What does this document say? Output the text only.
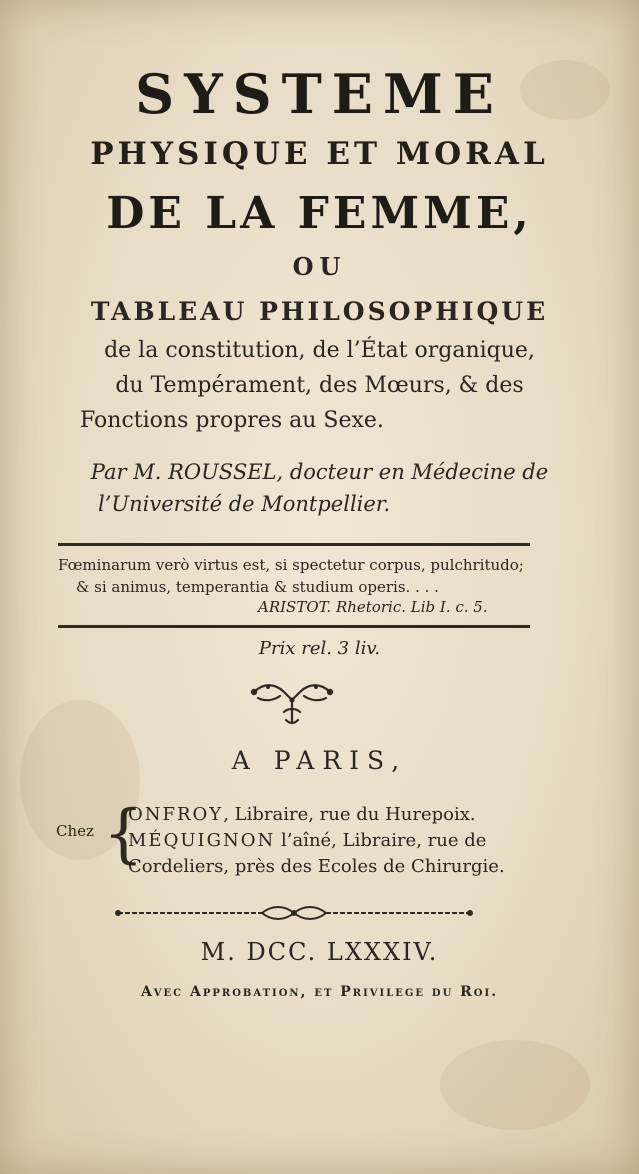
SYSTEME
PHYSIQUE ET MORAL
DE LA FEMME,
OU
TABLEAU PHILOSOPHIQUE
de la constitution, de l’État organique,
du Tempérament, des Mœurs, & des
Fonctions propres au Sexe.
Par M. ROUSSEL, docteur en Médecine de
l’Université de Montpellier.
Fœminarum verò virtus est, si spectetur corpus, pulchritudo;
& si animus, temperantia & studium operis. . . .
ARISTOT. Rhetoric. Lib I. c. 5.
Prix rel. 3 liv.
A PARIS,
Chez {
ONFROY, Libraire, rue du Hurepoix.
MÉQUIGNON l’aîné, Libraire, rue de
Cordeliers, près des Ecoles de Chirurgie.
M. DCC. LXXXIV.
Avec Approbation, et Privilege du Roi.
